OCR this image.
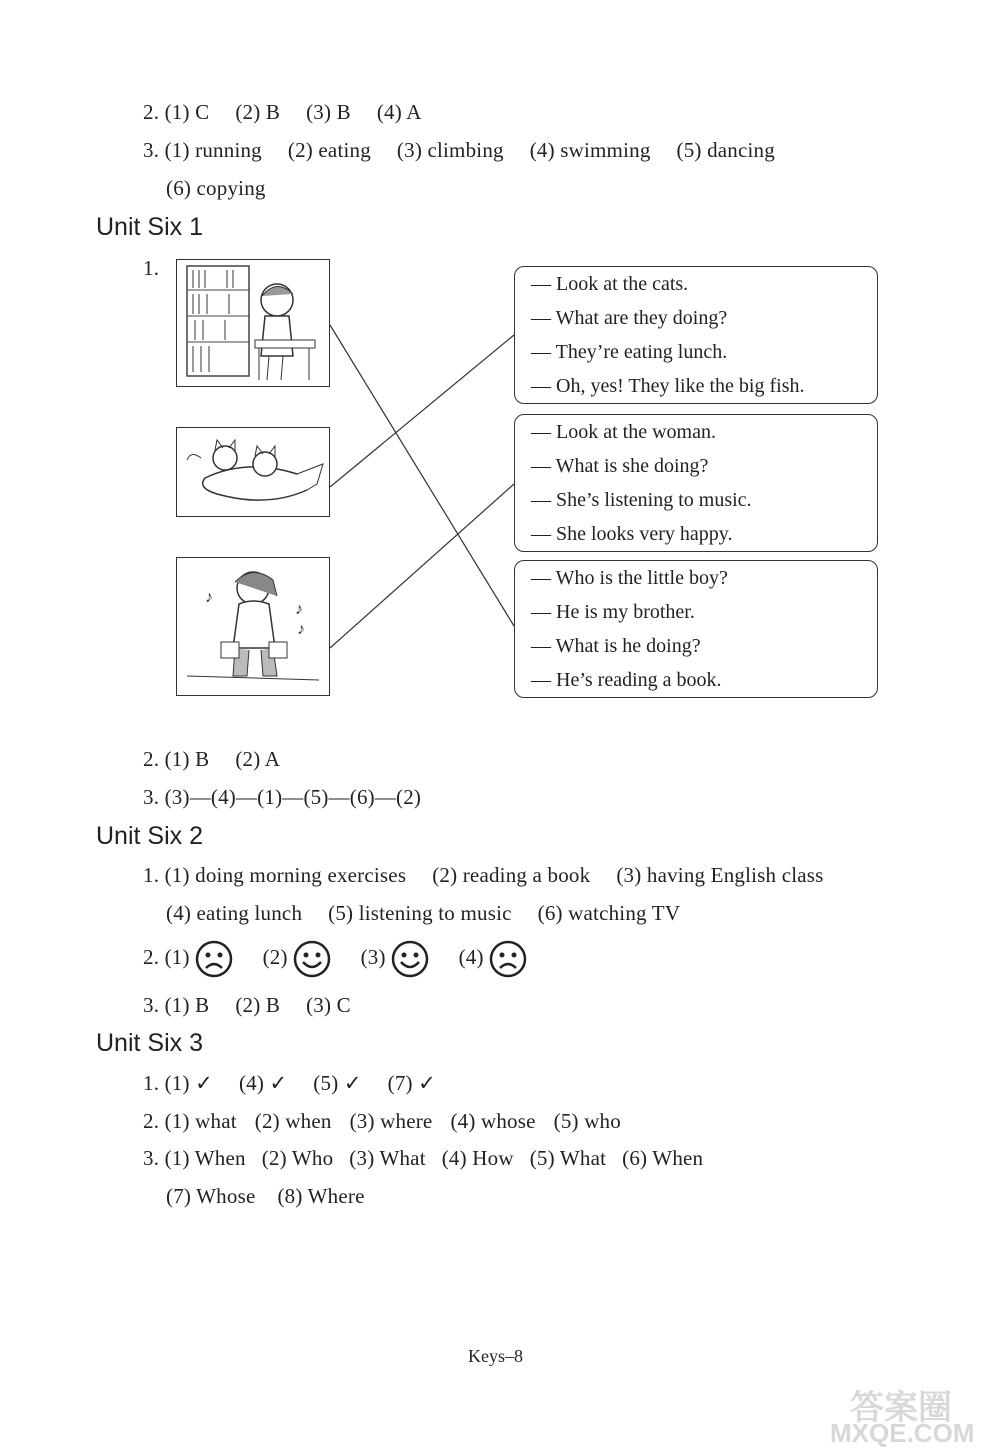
2. (1) C (2) B (3) B (4) A
3. (1) running (2) eating (3) climbing (4) swimming (5) dancing
(6) copying
Unit Six 1
1.
♪
♪
♪
— Look at the cats.
— What are they doing?
— They’re eating lunch.
— Oh, yes! They like the big fish.
— Look at the woman.
— What is she doing?
— She’s listening to music.
— She looks very happy.
— Who is the little boy?
— He is my brother.
— What is he doing?
— He’s reading a book.
2. (1) B (2) A
3. (3)—(4)—(1)—(5)—(6)—(2)
Unit Six 2
1. (1) doing morning exercises (2) reading a book (3) having English class
(4) eating lunch (5) listening to music (6) watching TV
2. (1)	(2)	(3)	(4)
3. (1) B (2) B (3) C
Unit Six 3
1. (1) ✓ (4) ✓ (5) ✓ (7) ✓
2. (1) what (2) when (3) where (4) whose (5) who
3. (1) When (2) Who (3) What (4) How (5) What (6) When
(7) Whose (8) Where
Keys–8
答案圈
MXQE.COM
